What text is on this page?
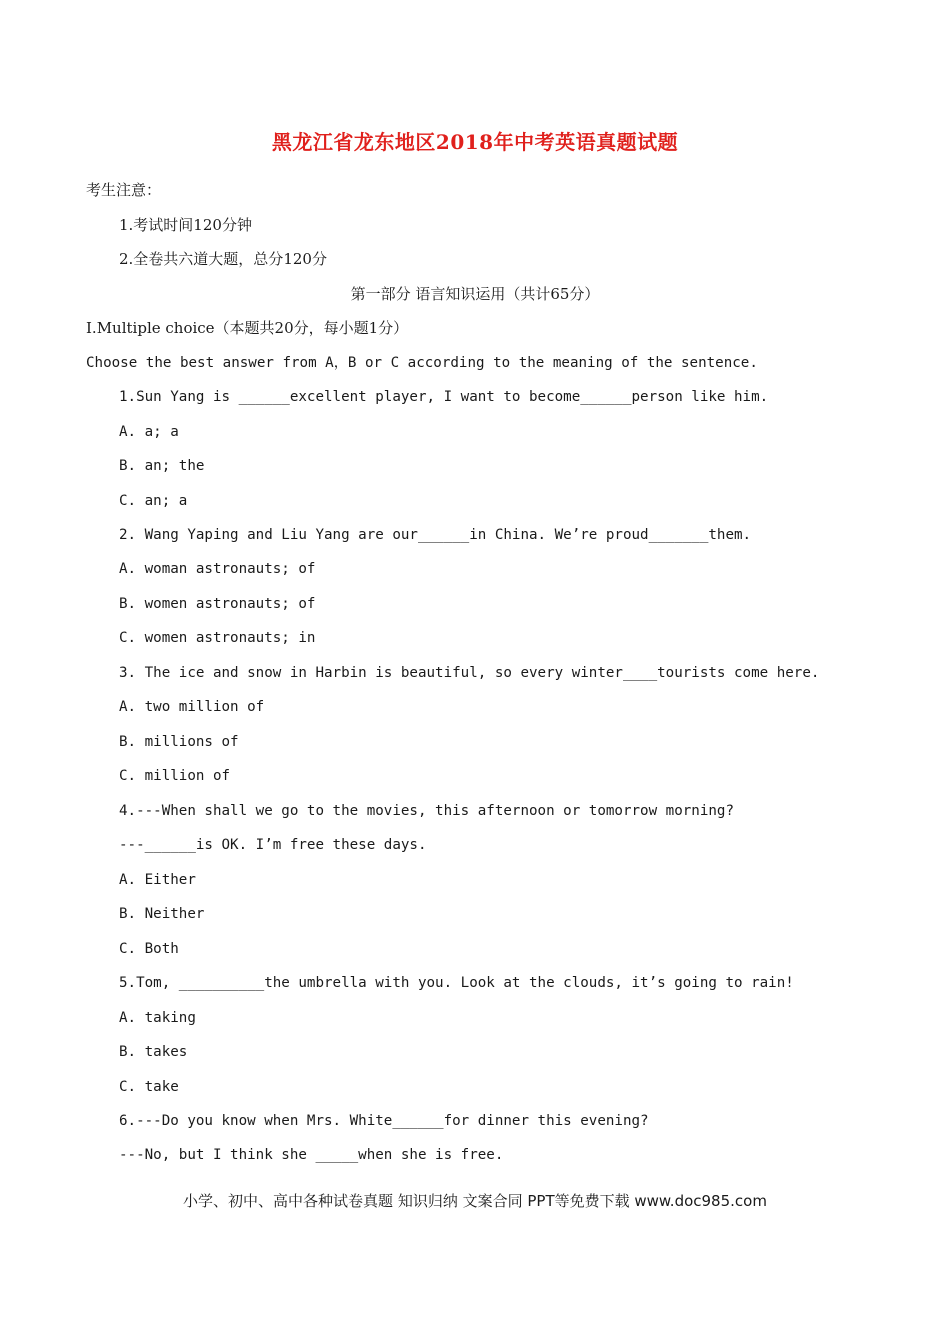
黑龙江省龙东地区2018年中考英语真题试题
考生注意：
1.考试时间120分钟
2.全卷共六道大题，总分120分
第一部分 语言知识运用（共计65分）
Ⅰ.Multiple choice（本题共20分，每小题1分）
Choose the best answer from A，B or C according to the meaning of the sentence.
1.Sun Yang is ______excellent player, I want to become______person like him.
A. a; a
B. an; the
C. an; a
2. Wang Yaping and Liu Yang are our______in China. We’re proud_______them.
A. woman astronauts; of
B. women astronauts; of
C. women astronauts; in
3. The ice and snow in Harbin is beautiful, so every winter____tourists come here.
A. two million of
B. millions of
C. million of
4.---When shall we go to the movies, this afternoon or tomorrow morning?
---______is OK. I’m free these days.
A. Either
B. Neither
C. Both
5.Tom, __________the umbrella with you. Look at the clouds, it’s going to rain!
A. taking
B. takes
C. take
6.---Do you know when Mrs. White______for dinner this evening?
---No, but I think she _____when she is free.
小学、初中、高中各种试卷真题 知识归纳 文案合同 PPT等免费下载 www.doc985.com
